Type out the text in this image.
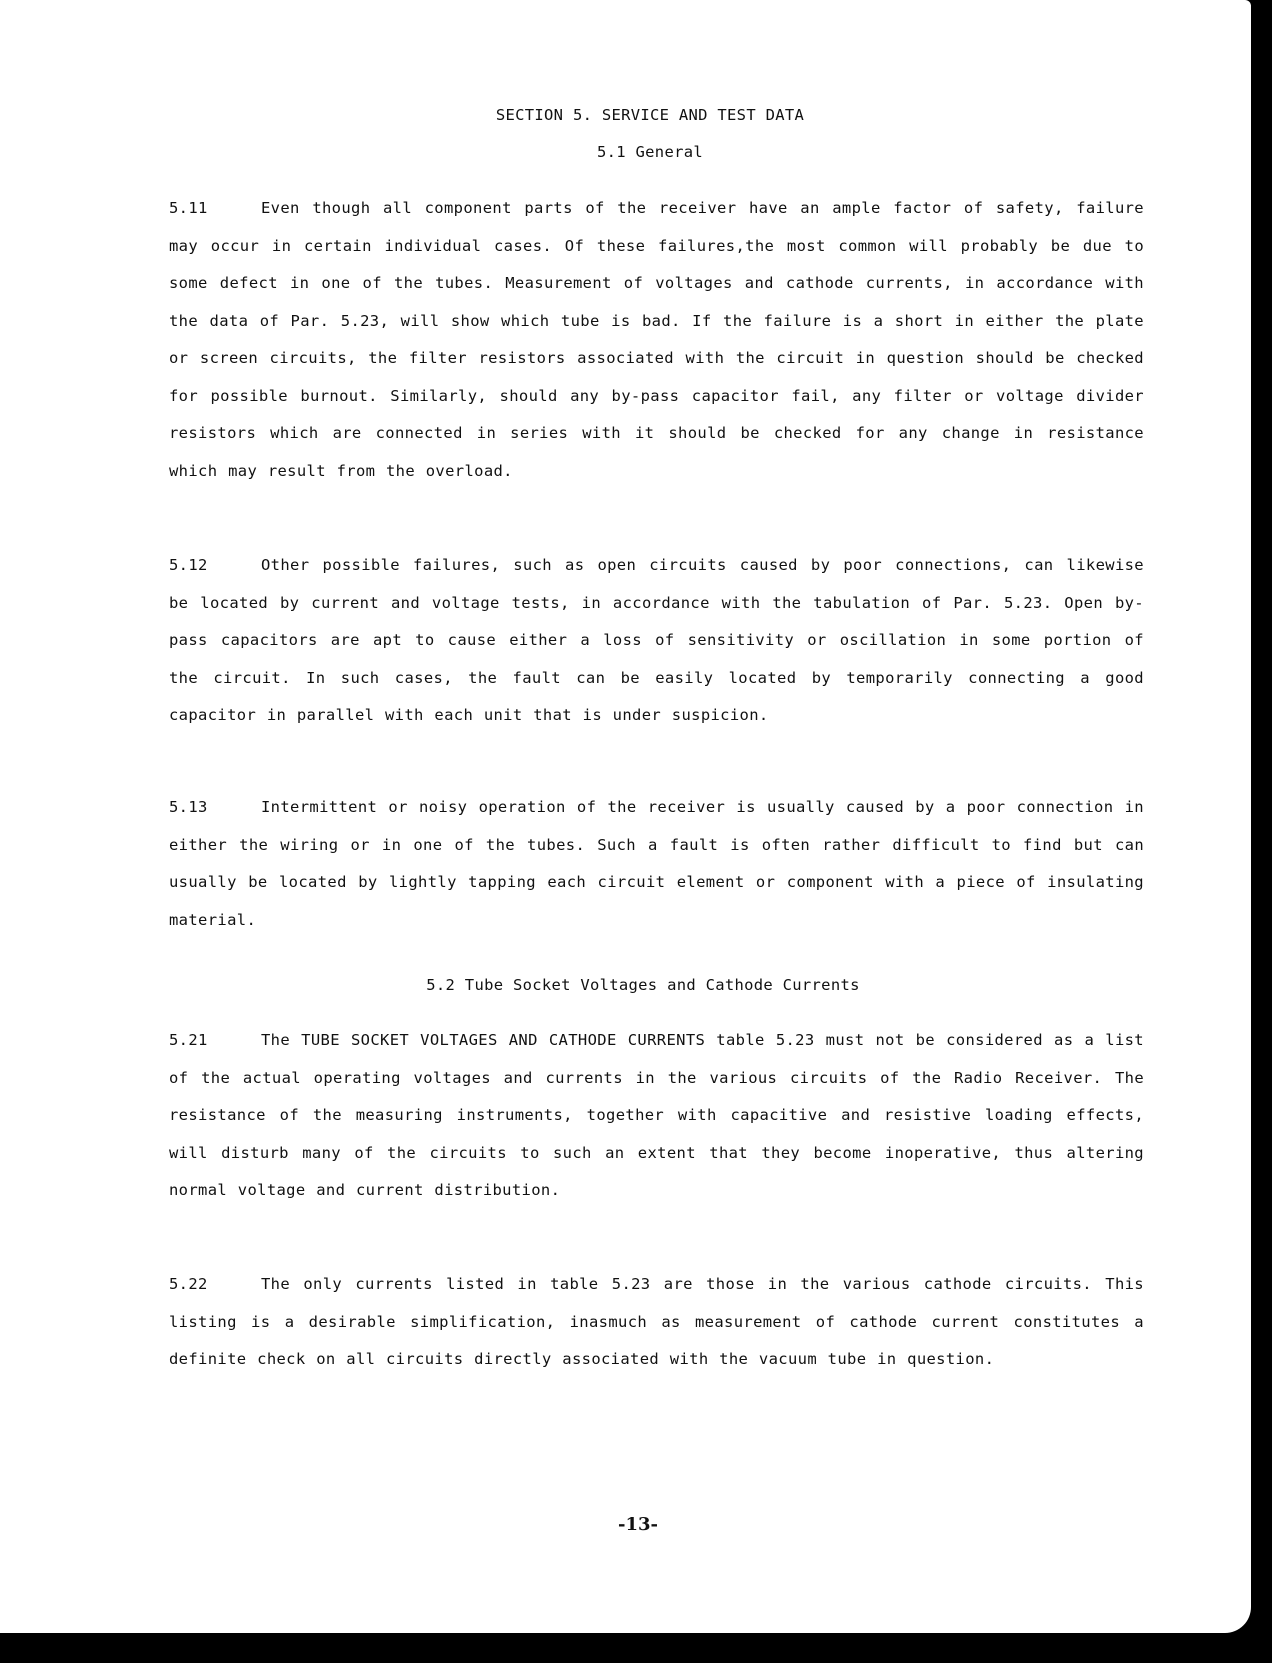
SECTION 5. SERVICE AND TEST DATA
5.1 General

5.11	Even though all component parts of the receiver have an ample factor of safety, failure may occur in certain individual cases. Of these failures,the most common will probably be due to some defect in one of the tubes. Measurement of voltages and cathode currents, in accordance with the data of Par. 5.23, will show which tube is bad. If the failure is a short in either the plate or screen circuits, the filter resistors associated with the circuit in question should be checked for possible burnout. Similarly, should any by-pass capacitor fail, any filter or voltage divider resistors which are connected in series with it should be checked for any change in resistance which may result from the overload.

5.12	Other possible failures, such as open circuits caused by poor connections, can likewise be located by current and voltage tests, in accordance with the tabulation of Par. 5.23. Open by-pass capacitors are apt to cause either a loss of sensitivity or oscillation in some portion of the circuit. In such cases, the fault can be easily located by temporarily connecting a good capacitor in parallel with each unit that is under suspicion.

5.13	Intermittent or noisy operation of the receiver is usually caused by a poor connection in either the wiring or in one of the tubes. Such a fault is often rather difficult to find but can usually be located by lightly tapping each circuit element or component with a piece of insulating material.

5.2 Tube Socket Voltages and Cathode Currents

5.21	The TUBE SOCKET VOLTAGES AND CATHODE CURRENTS table 5.23 must not be considered as a list of the actual operating voltages and currents in the various circuits of the Radio Receiver. The resistance of the measuring instruments, together with capacitive and resistive loading effects, will disturb many of the circuits to such an extent that they become inoperative, thus altering normal voltage and current distribution.

5.22	The only currents listed in table 5.23 are those in the various cathode circuits. This listing is a desirable simplification, inasmuch as measurement of cathode current constitutes a definite check on all circuits directly associated with the vacuum tube in question.

-13-
